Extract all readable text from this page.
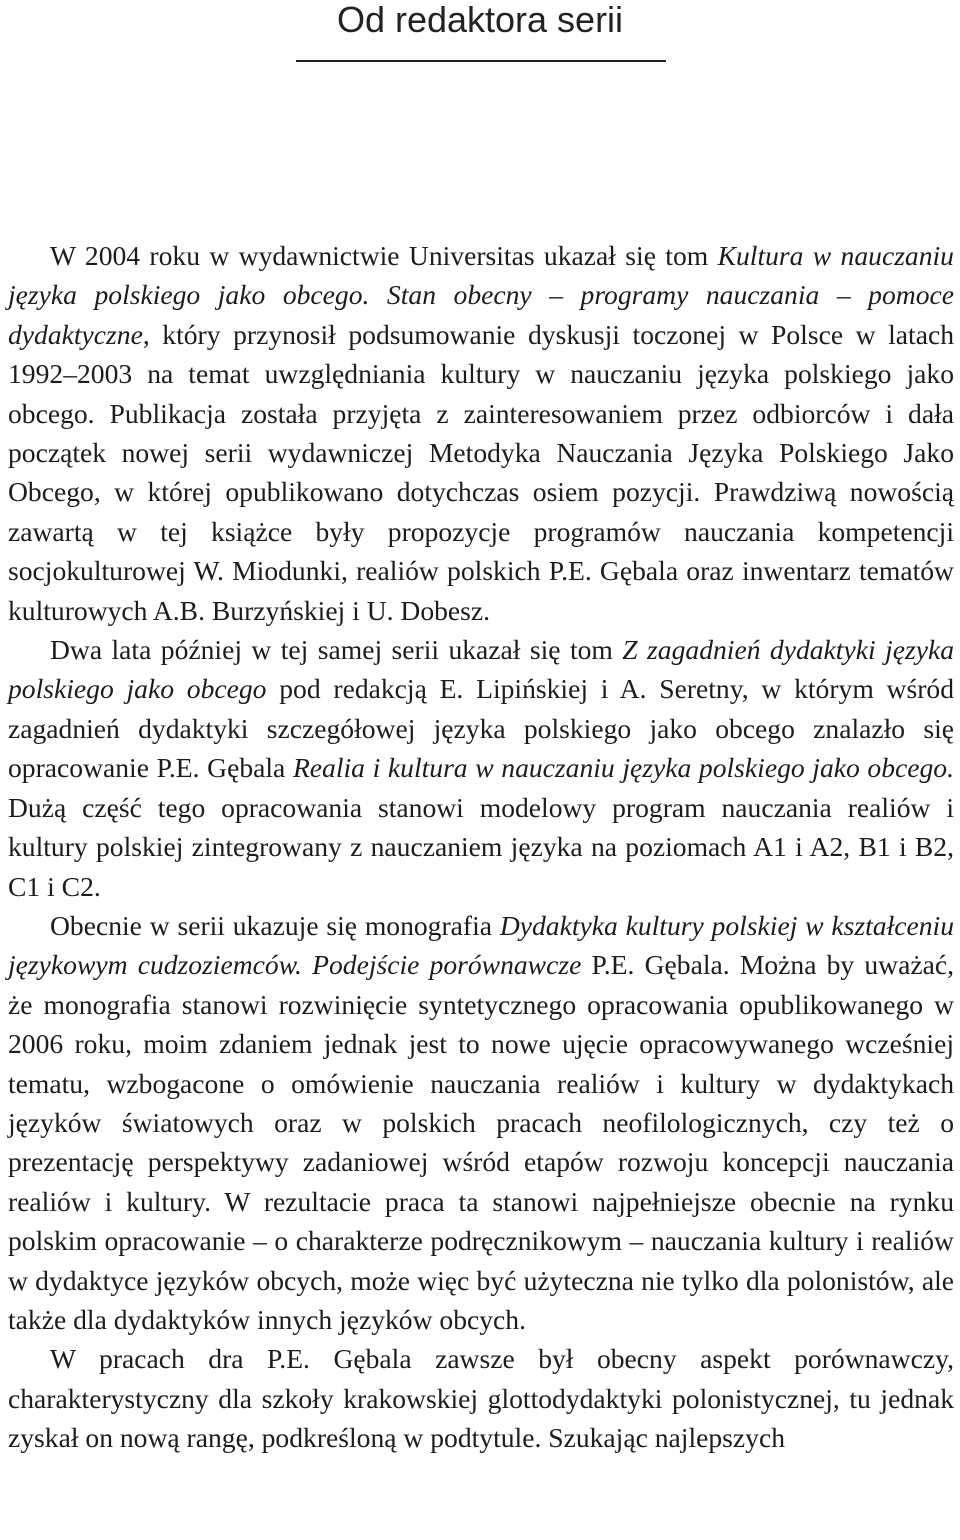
Od redaktora serii

W 2004 roku w wydawnictwie Universitas ukazał się tom Kultura w nauczaniu języka polskiego jako obcego. Stan obecny – programy nauczania – pomoce dydaktyczne, który przynosił podsumowanie dyskusji toczonej w Polsce w latach 1992–2003 na temat uwzględniania kultury w nauczaniu języka polskiego jako obcego. Publikacja została przyjęta z zainteresowaniem przez odbiorców i dała początek nowej serii wydawniczej Metodyka Nauczania Języka Polskiego Jako Obcego, w której opublikowano dotychczas osiem pozycji. Prawdziwą nowością zawartą w tej książce były propozycje programów nauczania kompetencji socjokulturowej W. Miodunki, realiów polskich P.E. Gębala oraz inwentarz tematów kulturowych A.B. Burzyńskiej i U. Dobesz.

Dwa lata później w tej samej serii ukazał się tom Z zagadnień dydaktyki języka polskiego jako obcego pod redakcją E. Lipińskiej i A. Seretny, w którym wśród zagadnień dydaktyki szczegółowej języka polskiego jako obcego znalazło się opracowanie P.E. Gębala Realia i kultura w nauczaniu języka polskiego jako obcego. Dużą część tego opracowania stanowi modelowy program nauczania realiów i kultury polskiej zintegrowany z nauczaniem języka na poziomach A1 i A2, B1 i B2, C1 i C2.

Obecnie w serii ukazuje się monografia Dydaktyka kultury polskiej w kształceniu językowym cudzoziemców. Podejście porównawcze P.E. Gębala. Można by uważać, że monografia stanowi rozwinięcie syntetycznego opracowania opublikowanego w 2006 roku, moim zdaniem jednak jest to nowe ujęcie opracowywanego wcześniej tematu, wzbogacone o omówienie nauczania realiów i kultury w dydaktykach języków światowych oraz w polskich pracach neofilologicznych, czy też o prezentację perspektywy zadaniowej wśród etapów rozwoju koncepcji nauczania realiów i kultury. W rezultacie praca ta stanowi najpełniejsze obecnie na rynku polskim opracowanie – o charakterze podręcznikowym – nauczania kultury i realiów w dydaktyce języków obcych, może więc być użyteczna nie tylko dla polonistów, ale także dla dydaktyków innych języków obcych.

W pracach dra P.E. Gębala zawsze był obecny aspekt porównawczy, charakterystyczny dla szkoły krakowskiej glottodydaktyki polonistycznej, tu jednak zyskał on nową rangę, podkreśloną w podtytule. Szukając najlepszych
